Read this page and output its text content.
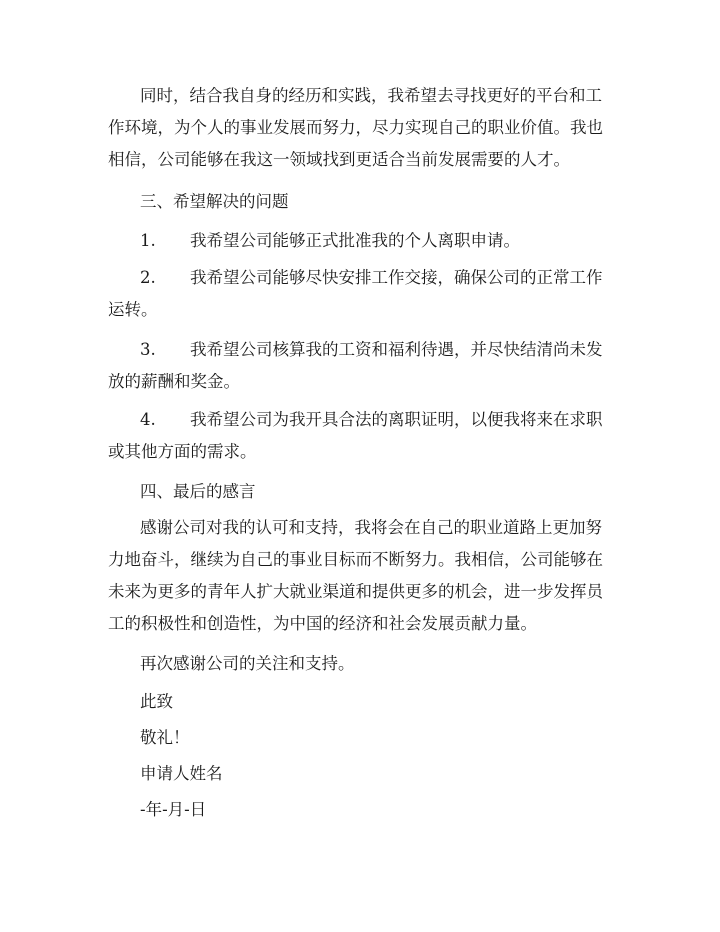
同时，结合我自身的经历和实践，我希望去寻找更好的平台和工作环境，为个人的事业发展而努力，尽力实现自己的职业价值。我也相信，公司能够在我这一领域找到更适合当前发展需要的人才。

三、希望解决的问题

1. 我希望公司能够正式批准我的个人离职申请。

2. 我希望公司能够尽快安排工作交接，确保公司的正常工作运转。

3. 我希望公司核算我的工资和福利待遇，并尽快结清尚未发放的薪酬和奖金。

4. 我希望公司为我开具合法的离职证明，以便我将来在求职或其他方面的需求。

四、最后的感言

感谢公司对我的认可和支持，我将会在自己的职业道路上更加努力地奋斗，继续为自己的事业目标而不断努力。我相信，公司能够在未来为更多的青年人扩大就业渠道和提供更多的机会，进一步发挥员工的积极性和创造性，为中国的经济和社会发展贡献力量。

再次感谢公司的关注和支持。

此致

敬礼！

申请人姓名

-年-月-日
